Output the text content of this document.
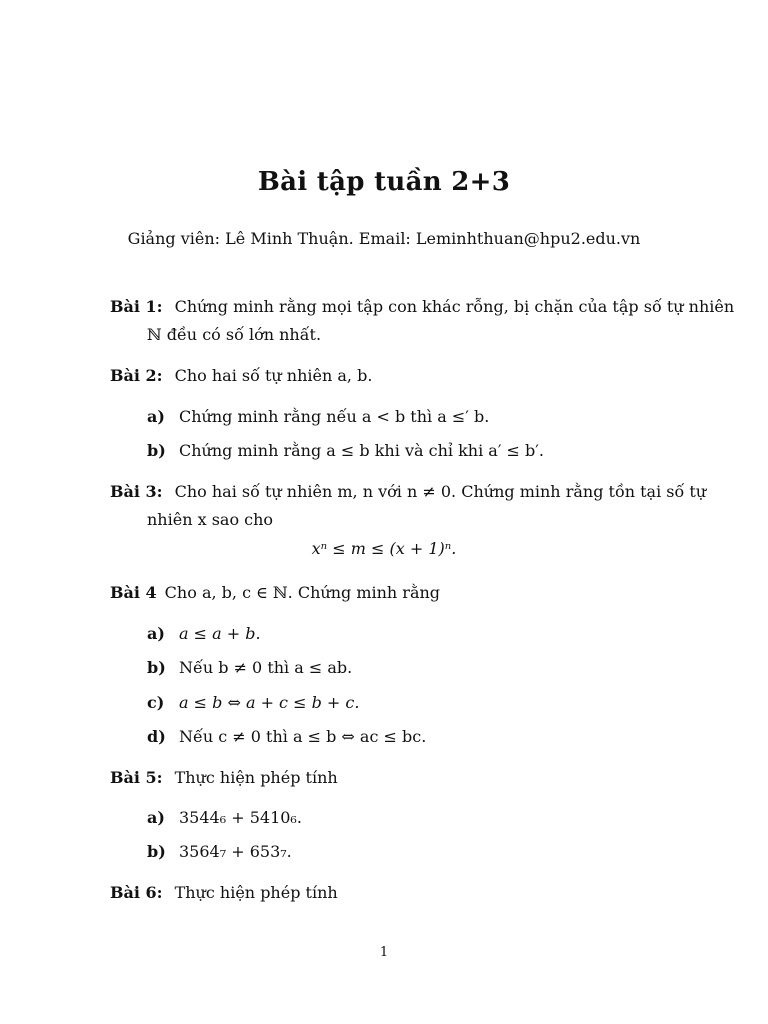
Bài tập tuần 2+3
Giảng viên: Lê Minh Thuận. Email: Leminhthuan@hpu2.edu.vn
Bài 1: Chứng minh rằng mọi tập con khác rỗng, bị chặn của tập số tự nhiên
ℕ đều có số lớn nhất.
Bài 2: Cho hai số tự nhiên a, b.
a) Chứng minh rằng nếu a < b thì a ≤′ b.
b) Chứng minh rằng a ≤ b khi và chỉ khi a′ ≤ b′.
Bài 3: Cho hai số tự nhiên m, n với n ≠ 0. Chứng minh rằng tồn tại số tự
nhiên x sao cho
xⁿ ≤ m ≤ (x + 1)ⁿ.
Bài 4 Cho a, b, c ∈ ℕ. Chứng minh rằng
a) a ≤ a + b.
b) Nếu b ≠ 0 thì a ≤ ab.
c) a ≤ b ⇔ a + c ≤ b + c.
d) Nếu c ≠ 0 thì a ≤ b ⇔ ac ≤ bc.
Bài 5: Thực hiện phép tính
a) 3544₆ + 5410₆.
b) 3564₇ + 653₇.
Bài 6: Thực hiện phép tính
1
